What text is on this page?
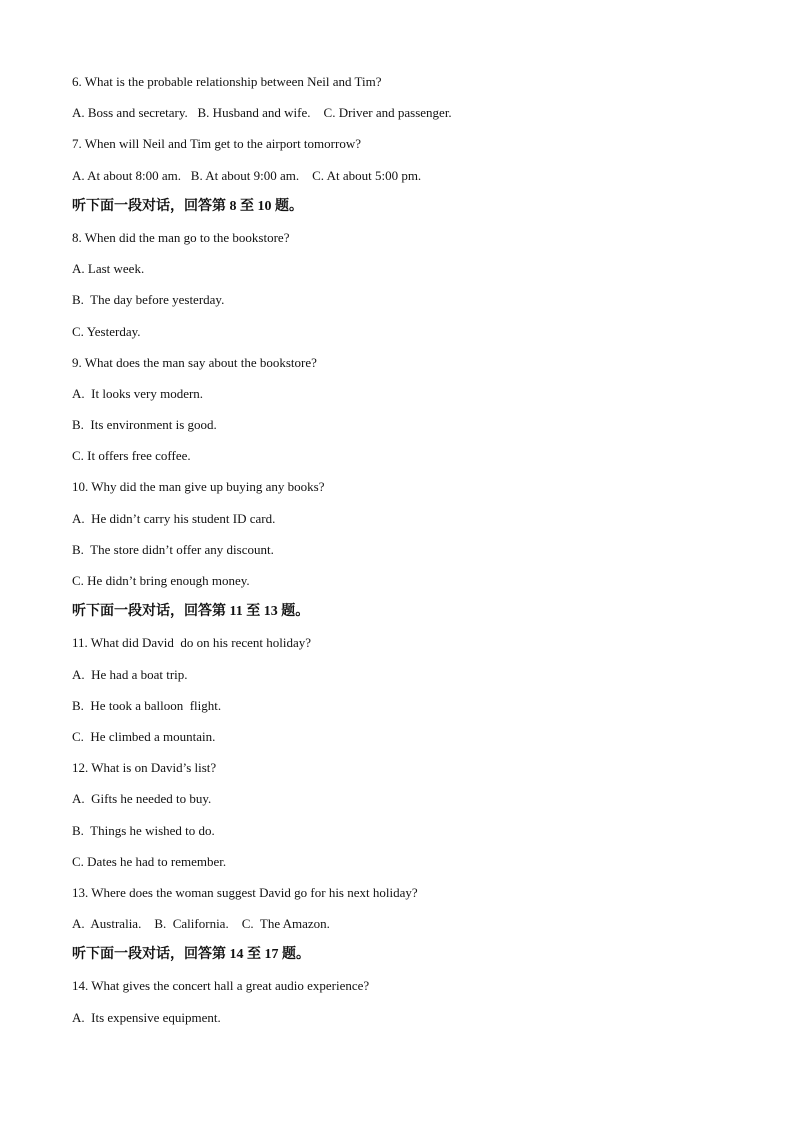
6. What is the probable relationship between Neil and Tim?
A. Boss and secretary.   B. Husband and wife.    C. Driver and passenger.
7. When will Neil and Tim get to the airport tomorrow?
A. At about 8:00 am.   B. At about 9:00 am.    C. At about 5:00 pm.
听下面一段对话，回答第 8 至 10 题。
8. When did the man go to the bookstore?
A. Last week.
B.  The day before yesterday.
C. Yesterday.
9. What does the man say about the bookstore?
A.  It looks very modern.
B.  Its environment is good.
C. It offers free coffee.
10. Why did the man give up buying any books?
A.  He didn’t carry his student ID card.
B.  The store didn’t offer any discount.
C. He didn’t bring enough money.
听下面一段对话，回答第 11 至 13 题。
11. What did David  do on his recent holiday?
A.  He had a boat trip.
B.  He took a balloon  flight.
C.  He climbed a mountain.
12. What is on David’s list?
A.  Gifts he needed to buy.
B.  Things he wished to do.
C. Dates he had to remember.
13. Where does the woman suggest David go for his next holiday?
A.  Australia.    B.  California.    C.  The Amazon.
听下面一段对话，回答第 14 至 17 题。
14. What gives the concert hall a great audio experience?
A.  Its expensive equipment.
